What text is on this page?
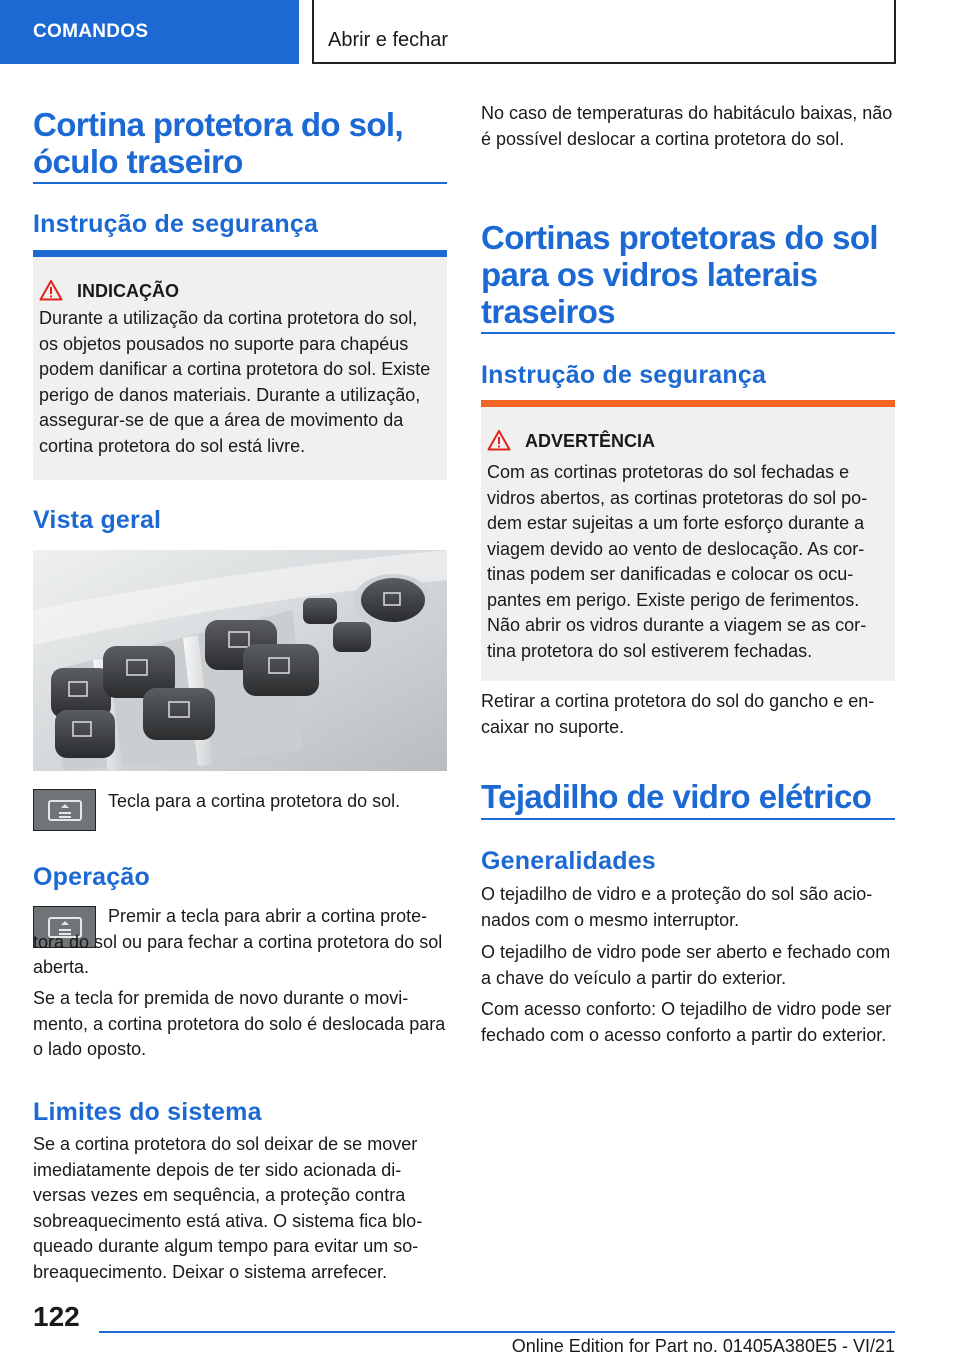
COMANDOS	Abrir e fechar
Cortina protetora do sol, óculo traseiro
Instrução de segurança
INDICAÇÃO
Durante a utilização da cortina protetora do sol, os objetos pousados no suporte para chapéus podem danificar a cortina protetora do sol. Existe perigo de danos materiais. Durante a utilização, assegurar-se de que a área de movimento da cortina protetora do sol está livre.
Vista geral
Tecla para a cortina protetora do sol.
Operação
Premir a tecla para abrir a cortina protetora do sol ou para fechar a cortina protetora do sol aberta.
Se a tecla for premida de novo durante o movimento, a cortina protetora do solo é deslocada para o lado oposto.
Limites do sistema
Se a cortina protetora do sol deixar de se mover imediatamente depois de ter sido acionada diversas vezes em sequência, a proteção contra sobreaquecimento está ativa. O sistema fica bloqueado durante algum tempo para evitar um sobreaquecimento. Deixar o sistema arrefecer.
No caso de temperaturas do habitáculo baixas, não é possível deslocar a cortina protetora do sol.
Cortinas protetoras do sol para os vidros laterais traseiros
Instrução de segurança
ADVERTÊNCIA
Com as cortinas protetoras do sol fechadas e vidros abertos, as cortinas protetoras do sol podem estar sujeitas a um forte esforço durante a viagem devido ao vento de deslocação. As cortinas podem ser danificadas e colocar os ocupantes em perigo. Existe perigo de ferimentos. Não abrir os vidros durante a viagem se as cortina protetora do sol estiverem fechadas.
Retirar a cortina protetora do sol do gancho e encaixar no suporte.
Tejadilho de vidro elétrico
Generalidades
O tejadilho de vidro e a proteção do sol são acionados com o mesmo interruptor.
O tejadilho de vidro pode ser aberto e fechado com a chave do veículo a partir do exterior.
Com acesso conforto: O tejadilho de vidro pode ser fechado com o acesso conforto a partir do exterior.
122
Online Edition for Part no. 01405A380E5 - VI/21
